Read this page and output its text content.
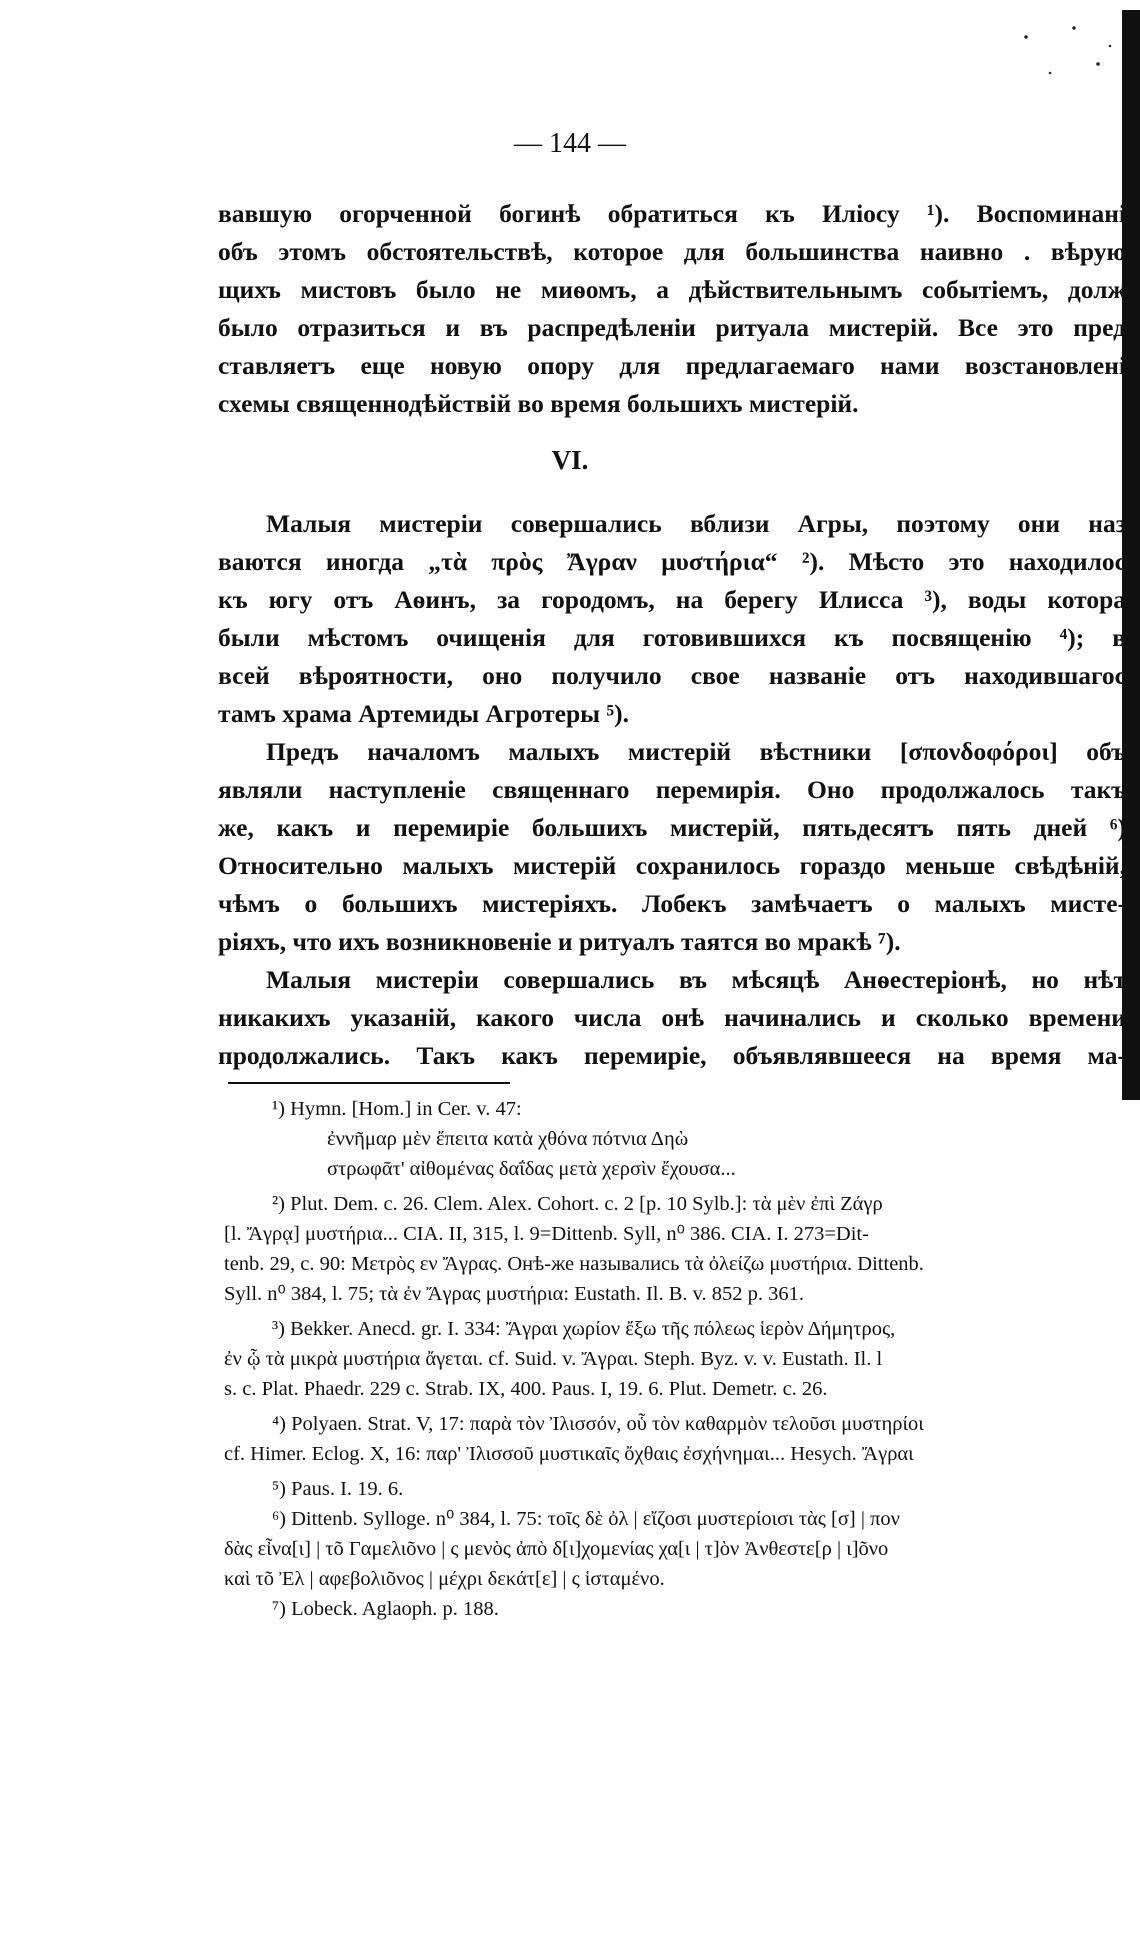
— 144 —
вавшую огорченной богинѣ обратиться къ Илiосу ¹). Воспоминанi
объ этомъ обстоятельствѣ, которое для большинства наивно . вѣрую
щихъ мистовъ было не миѳомъ, а дѣйствительнымъ событiемъ, долж
было отразиться и въ распредѣленiи ритуала мистерiй. Все это пред
ставляетъ еще новую опору для предлагаемаго нами возстановленi
схемы священнодѣйствiй во время большихъ мистерiй.
VI.
Малыя мистерiи совершались вблизи Агры, поэтому они наз
ваются иногда „τὰ πρὸς Ἄγραν μυστήρια“ ²). Мѣсто это находилос
къ югу отъ Аѳинъ, за городомъ, на берегу Илисса ³), воды котора
были мѣстомъ очищенiя для готовившихся къ посвященiю ⁴); в
всей вѣроятности, оно получило свое названiе отъ находившагос
тамъ храма Артемиды Агротеры ⁵).
Предъ началомъ малыхъ мистерiй вѣстники [σπονδοφόροι] объ
являли наступленiе священнаго перемирiя. Оно продолжалось такъ
же, какъ и перемирiе большихъ мистерiй, пятьдесятъ пять дней ⁶)
Относительно малыхъ мистерiй сохранилось гораздо меньше свѣдѣнiй,
чѣмъ о большихъ мистерiяхъ. Лобекъ замѣчаетъ о малыхъ мисте-
рiяхъ, что ихъ возникновенiе и ритуалъ таятся во мракѣ ⁷).
Малыя мистерiи совершались въ мѣсяцѣ Анѳестерiонѣ, но нѣт
никакихъ указанiй, какого числа онѣ начинались и сколько времени
продолжались. Такъ какъ перемирiе, объявлявшееся на время ма-
¹) Hymn. [Hom.] in Cer. v. 47:
ἐννῆμαρ μὲν ἔπειτα κατὰ χθόνα πότνια Δηὼ
στρωφᾶτ' αἰθομένας δαΐδας μετὰ χερσὶν ἔχουσα...
²) Plut. Dem. c. 26. Clem. Alex. Cohort. c. 2 [p. 10 Sylb.]: τὰ μὲν ἐπὶ Ζάγρ
[l. Ἄγρᾳ] μυστήρια... CIA. II, 315, l. 9=Dittenb. Syll, n⁰ 386. CIA. I. 273=Dit-
tenb. 29, c. 90: Μετρὸς εν Ἄγρας. Онѣ-же назывались τὰ ὀλείζω μυστήρια. Dittenb.
Syll. n⁰ 384, l. 75; τὰ ἐν Ἄγρας μυστήρια: Eustath. Il. B. v. 852 p. 361.
³) Bekker. Anecd. gr. I. 334: Ἄγραι χωρίον ἔξω τῆς πόλεως ἱερὸν Δήμητρος,
ἐν ᾧ τὰ μικρὰ μυστήρια ἄγεται. cf. Suid. v. Ἄγραι. Steph. Byz. v. v. Eustath. Il. l
s. c. Plat. Phaedr. 229 c. Strab. IX, 400. Paus. I, 19. 6. Plut. Demetr. c. 26.
⁴) Polyaen. Strat. V, 17: παρὰ τὸν Ἰλισσόν, οὗ τὸν καθαρμὸν τελοῦσι μυστηρίοι
cf. Himer. Eclog. X, 16: παρ' Ἰλισσοῦ μυστικαῖς ὄχθαις ἐσχήνημαι... Hesych. Ἄγραι
⁵) Paus. I. 19. 6.
⁶) Dittenb. Sylloge. n⁰ 384, l. 75: τοῖς δὲ ὀλ | εἴζοσι μυστερίοισι τὰς [σ] | πον
δὰς εἶνα[ι] | τõ Γαμελιõνο | ς μενὸς ἀπὸ δ[ι]χομενίας χα[ι | τ]ὸν Ἀνθεστε[ρ | ι]õνο
καὶ τõ Ἐλ | αφεβολιõνος | μέχρι δεκάτ[ε] | ς ἱσταμένο.
⁷) Lobeck. Aglaoph. p. 188.
